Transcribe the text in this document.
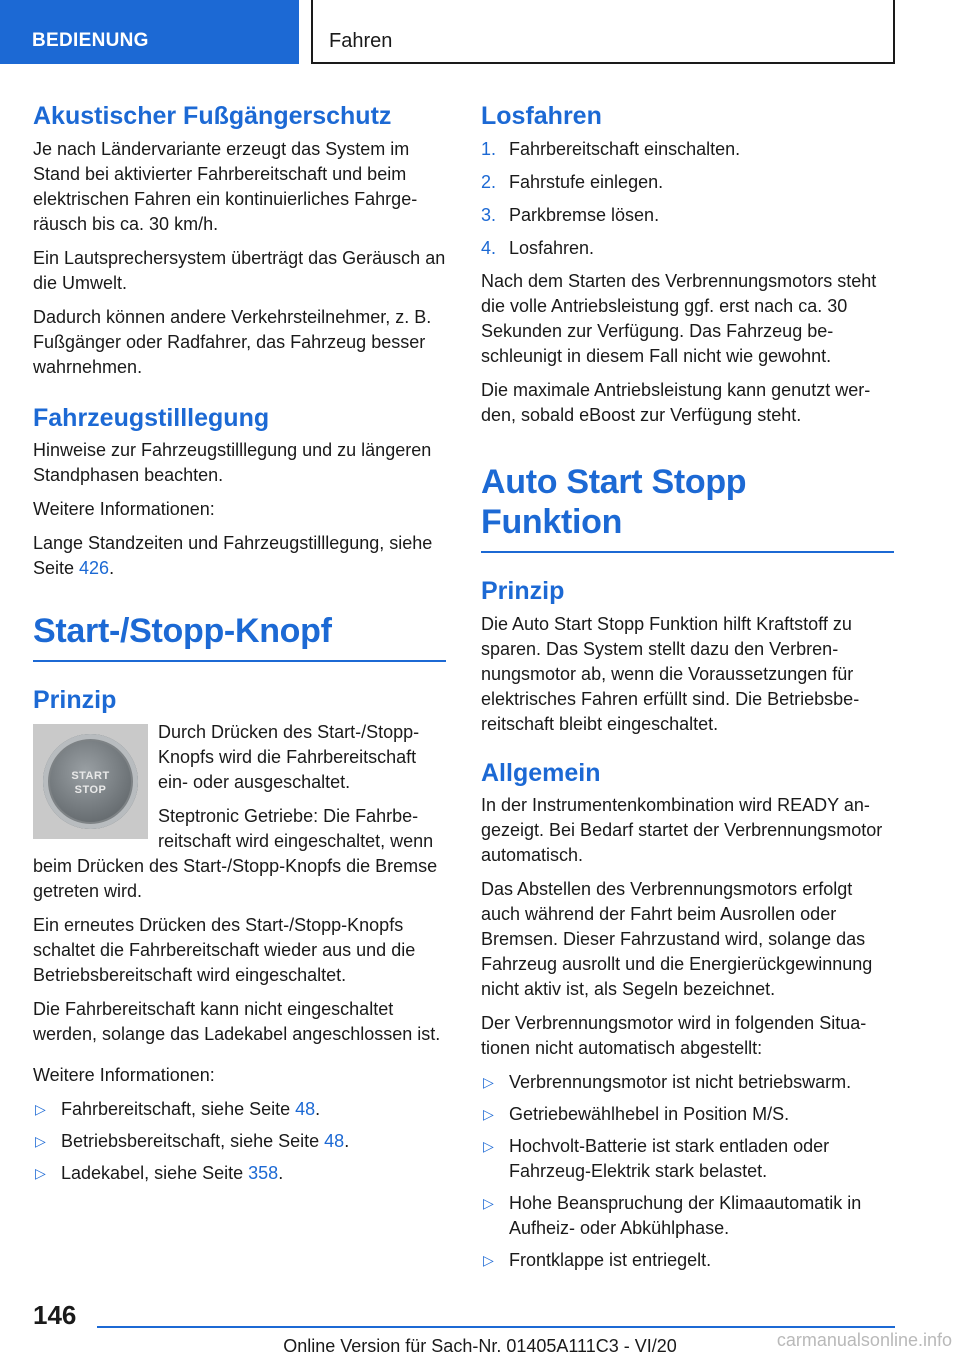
BEDIENUNG	Fahren
Akustischer Fußgängerschutz

Je nach Ländervariante erzeugt das System im Stand bei aktivierter Fahrbereitschaft und beim elektrischen Fahren ein kontinuierliches Fahrgeräusch bis ca. 30 km/h.

Ein Lautsprechersystem überträgt das Geräusch an die Umwelt.

Dadurch können andere Verkehrsteilnehmer, z. B. Fußgänger oder Radfahrer, das Fahrzeug besser wahrnehmen.

Fahrzeugstilllegung

Hinweise zur Fahrzeugstilllegung und zu längeren Standphasen beachten.

Weitere Informationen:

Lange Standzeiten und Fahrzeugstilllegung, siehe Seite 426.

Start-/Stopp-Knopf
Prinzip
START
STOP

Durch Drücken des Start-/Stopp-Knopfs wird die Fahrbereitschaft ein- oder ausgeschaltet.

Steptronic Getriebe: Die Fahrbereitschaft wird eingeschaltet, wenn beim Drücken des Start-/Stopp-Knopfs die Bremse getreten wird.

Ein erneutes Drücken des Start-/Stopp-Knopfs schaltet die Fahrbereitschaft wieder aus und die Betriebsbereitschaft wird eingeschaltet.

Die Fahrbereitschaft kann nicht eingeschaltet werden, solange das Ladekabel angeschlossen ist.

Weitere Informationen:

▷ Fahrbereitschaft, siehe Seite 48.
▷ Betriebsbereitschaft, siehe Seite 48.
▷ Ladekabel, siehe Seite 358.
Losfahren
1. Fahrbereitschaft einschalten.
2. Fahrstufe einlegen.
3. Parkbremse lösen.
4. Losfahren.

Nach dem Starten des Verbrennungsmotors steht die volle Antriebsleistung ggf. erst nach ca. 30 Sekunden zur Verfügung. Das Fahrzeug beschleunigt in diesem Fall nicht wie gewohnt.

Die maximale Antriebsleistung kann genutzt werden, sobald eBoost zur Verfügung steht.

Auto Start Stopp Funktion
Prinzip

Die Auto Start Stopp Funktion hilft Kraftstoff zu sparen. Das System stellt dazu den Verbrennungsmotor ab, wenn die Voraussetzungen für elektrisches Fahren erfüllt sind. Die Betriebsbereitschaft bleibt eingeschaltet.

Allgemein

In der Instrumentenkombination wird READY angezeigt. Bei Bedarf startet der Verbrennungsmotor automatisch.

Das Abstellen des Verbrennungsmotors erfolgt auch während der Fahrt beim Ausrollen oder Bremsen. Dieser Fahrzustand wird, solange das Fahrzeug ausrollt und die Energierückgewinnung nicht aktiv ist, als Segeln bezeichnet.

Der Verbrennungsmotor wird in folgenden Situationen nicht automatisch abgestellt:

▷ Verbrennungsmotor ist nicht betriebswarm.
▷ Getriebewählhebel in Position M/S.
▷ Hochvolt-Batterie ist stark entladen oder Fahrzeug-Elektrik stark belastet.
▷ Hohe Beanspruchung der Klimaautomatik in Aufheiz- oder Abkühlphase.
▷ Frontklappe ist entriegelt.
146
Online Version für Sach-Nr. 01405A111C3 - VI/20	carmanualsonline.info
